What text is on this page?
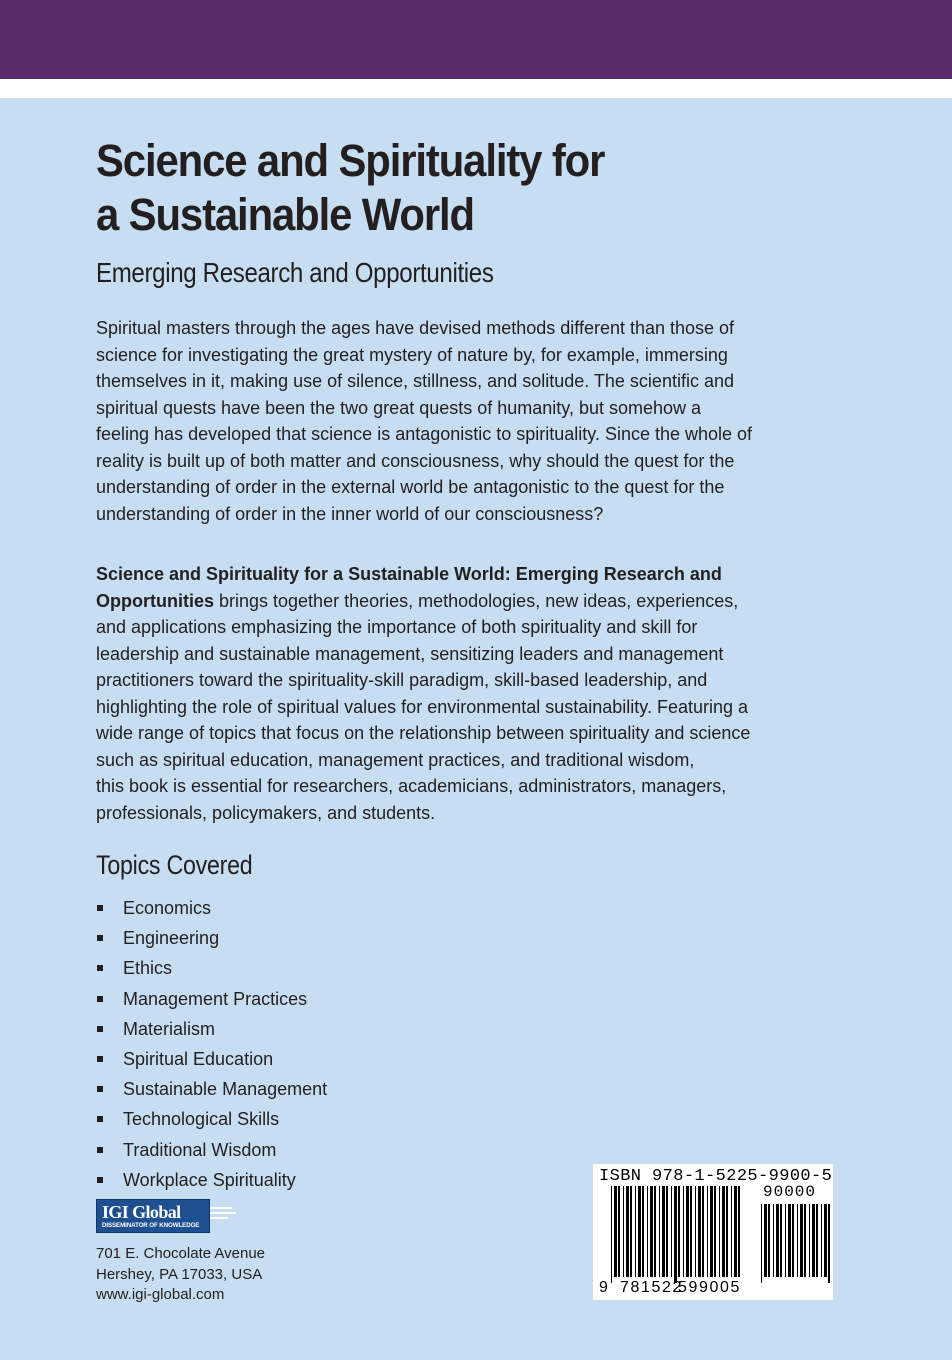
Science and Spirituality for
a Sustainable World
Emerging Research and Opportunities
Spiritual masters through the ages have devised methods different than those of
science for investigating the great mystery of nature by, for example, immersing
themselves in it, making use of silence, stillness, and solitude. The scientific and
spiritual quests have been the two great quests of humanity, but somehow a
feeling has developed that science is antagonistic to spirituality. Since the whole of
reality is built up of both matter and consciousness, why should the quest for the
understanding of order in the external world be antagonistic to the quest for the
understanding of order in the inner world of our consciousness?
Science and Spirituality for a Sustainable World: Emerging Research and
Opportunities brings together theories, methodologies, new ideas, experiences,
and applications emphasizing the importance of both spirituality and skill for
leadership and sustainable management, sensitizing leaders and management
practitioners toward the spirituality-skill paradigm, skill-based leadership, and
highlighting the role of spiritual values for environmental sustainability. Featuring a
wide range of topics that focus on the relationship between spirituality and science
such as spiritual education, management practices, and traditional wisdom,
this book is essential for researchers, academicians, administrators, managers,
professionals, policymakers, and students.
Topics Covered
Economics
Engineering
Ethics
Management Practices
Materialism
Spiritual Education
Sustainable Management
Technological Skills
Traditional Wisdom
Workplace Spirituality
IGI Global
DISSEMINATOR OF KNOWLEDGE
701 E. Chocolate Avenue
Hershey, PA 17033, USA
www.igi-global.com
ISBN 978-1-5225-9900-5
90000
9 781522
599005
